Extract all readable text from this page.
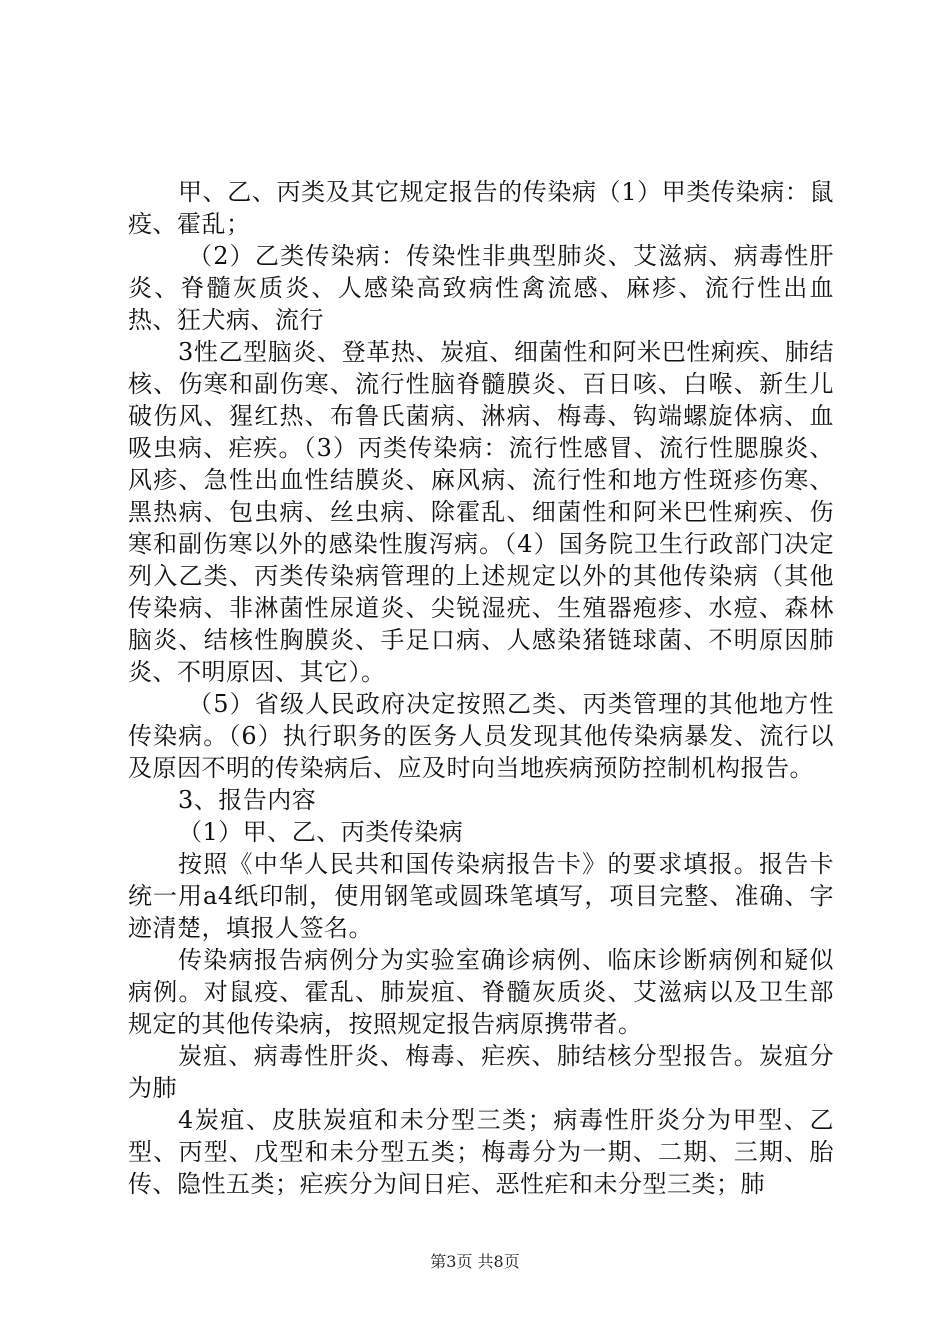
甲、乙、丙类及其它规定报告的传染病（1）甲类传染病：鼠疫、霍乱；

（2）乙类传染病：传染性非典型肺炎、艾滋病、病毒性肝炎、脊髓灰质炎、人感染高致病性禽流感、麻疹、流行性出血热、狂犬病、流行

3性乙型脑炎、登革热、炭疽、细菌性和阿米巴性痢疾、肺结核、伤寒和副伤寒、流行性脑脊髓膜炎、百日咳、白喉、新生儿破伤风、猩红热、布鲁氏菌病、淋病、梅毒、钩端螺旋体病、血吸虫病、疟疾。（3）丙类传染病：流行性感冒、流行性腮腺炎、风疹、急性出血性结膜炎、麻风病、流行性和地方性斑疹伤寒、黑热病、包虫病、丝虫病、除霍乱、细菌性和阿米巴性痢疾、伤寒和副伤寒以外的感染性腹泻病。（4）国务院卫生行政部门决定列入乙类、丙类传染病管理的上述规定以外的其他传染病（其他传染病、非淋菌性尿道炎、尖锐湿疣、生殖器疱疹、水痘、森林脑炎、结核性胸膜炎、手足口病、人感染猪链球菌、不明原因肺炎、不明原因、其它）。

（5）省级人民政府决定按照乙类、丙类管理的其他地方性传染病。（6）执行职务的医务人员发现其他传染病暴发、流行以及原因不明的传染病后、应及时向当地疾病预防控制机构报告。

3、报告内容

（1）甲、乙、丙类传染病

按照《中华人民共和国传染病报告卡》的要求填报。报告卡统一用a4纸印制，使用钢笔或圆珠笔填写，项目完整、准确、字迹清楚，填报人签名。

传染病报告病例分为实验室确诊病例、临床诊断病例和疑似病例。对鼠疫、霍乱、肺炭疽、脊髓灰质炎、艾滋病以及卫生部规定的其他传染病，按照规定报告病原携带者。

炭疽、病毒性肝炎、梅毒、疟疾、肺结核分型报告。炭疽分为肺

4炭疽、皮肤炭疽和未分型三类；病毒性肝炎分为甲型、乙型、丙型、戊型和未分型五类；梅毒分为一期、二期、三期、胎传、隐性五类；疟疾分为间日疟、恶性疟和未分型三类；肺

第3页 共8页
